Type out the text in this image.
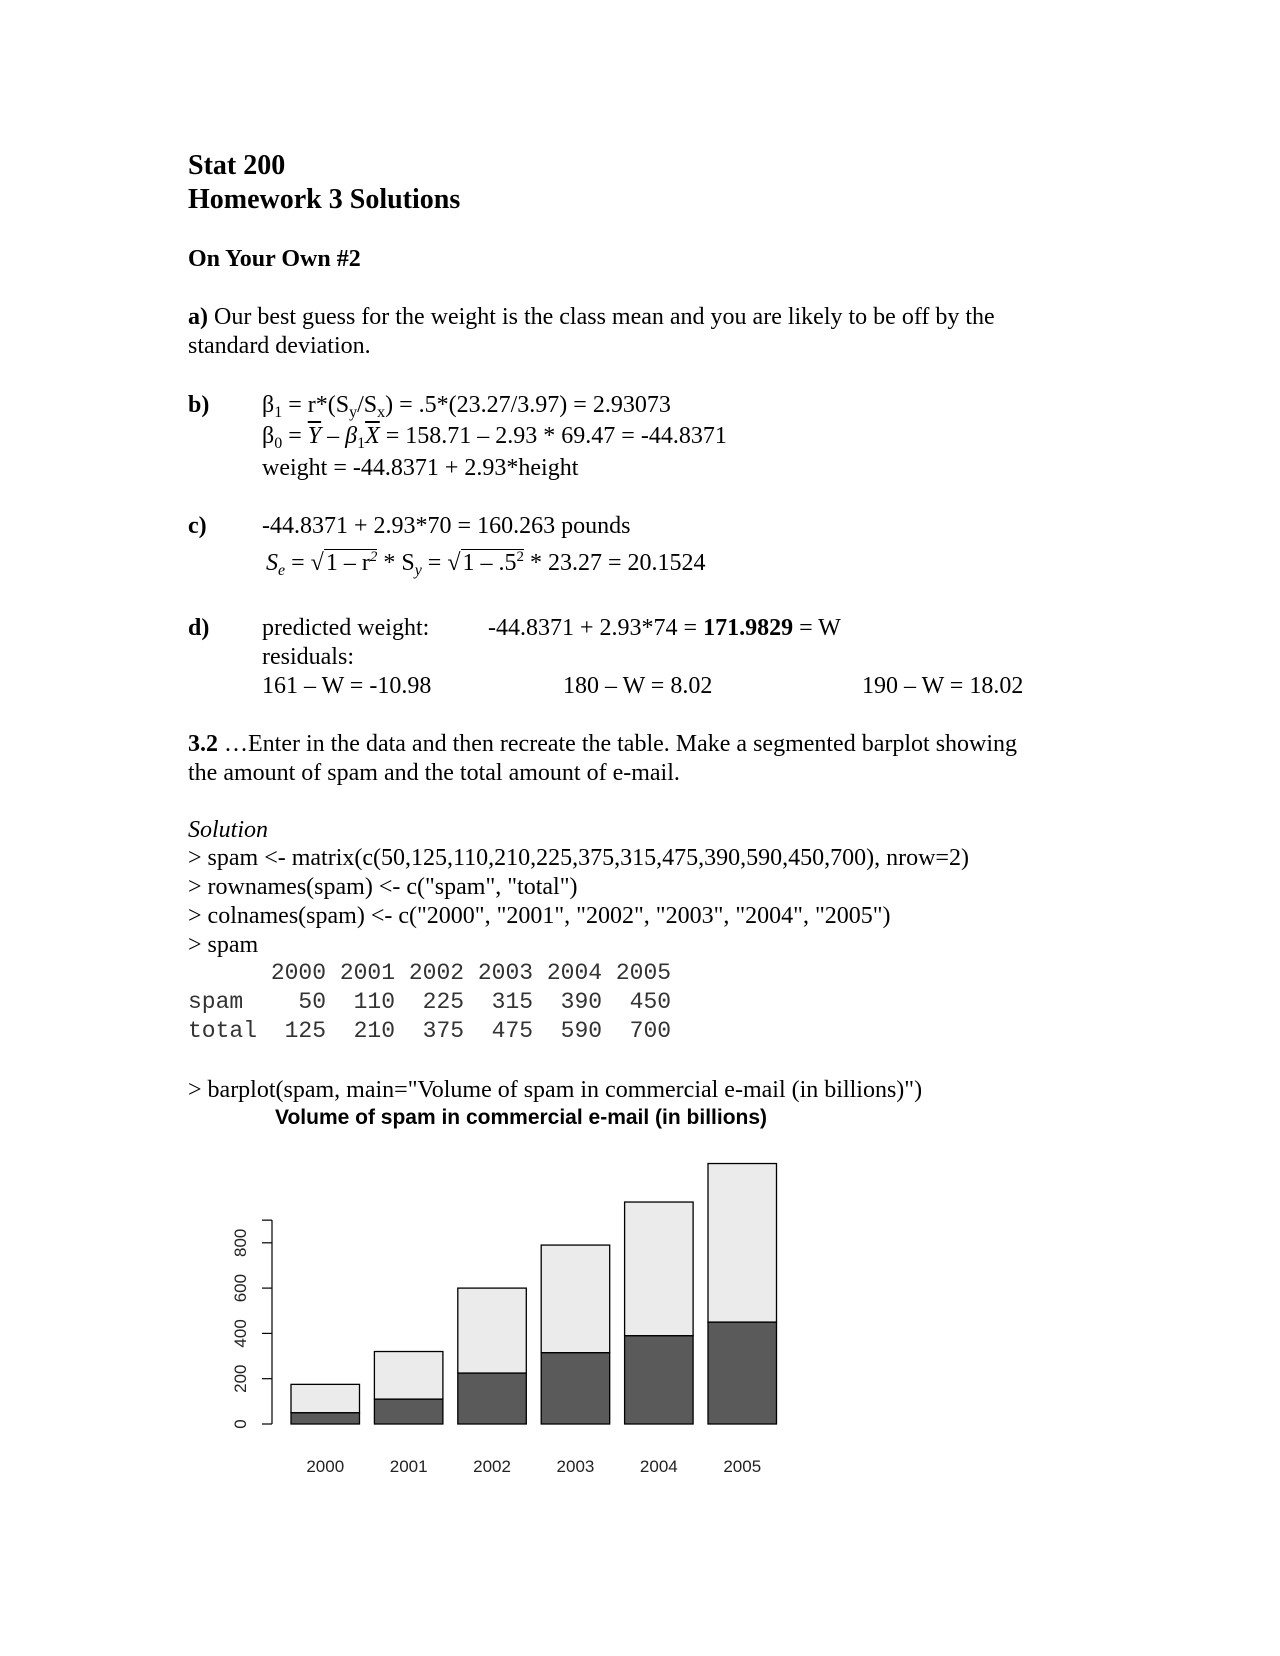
Stat 200
Homework 3 Solutions
On Your Own #2
a) Our best guess for the weight is the class mean and you are likely to be off by the
standard deviation.
b) $\beta_1 = r*(S_y/S_x) = .5*(23.27/3.97) = 2.93073$
$\beta_0 = \overline{Y} - \beta_1\overline{X} = 158.71 - 2.93 * 69.47 = -44.8371$
weight = -44.8371 + 2.93*height
c) -44.8371 + 2.93*70 = 160.263 pounds
$S_e = √1 - r^2 * S_y = √1 - .5^2 * 23.27 = 20.1524$
d) predicted weight: -44.8371 + 2.93*74 = 171.9829 = W
residuals:
161 – W = -10.98	180 – W = 8.02	190 – W = 18.02
3.2 …Enter in the data and then recreate the table. Make a segmented barplot showing
the amount of spam and the total amount of e-mail.
Solution
> spam <- matrix(c(50,125,110,210,225,375,315,475,390,590,450,700), nrow=2)
> rownames(spam) <- c("spam", "total")
> colnames(spam) <- c("2000", "2001", "2002", "2003", "2004", "2005")
> spam
2000 2001 2002 2003 2004 2005
spam    50  110  225  315  390  450
total  125  210  375  475  590  700
> barplot(spam, main="Volume of spam in commercial e-mail (in billions)")
Volume of spam in commercial e-mail (in billions)
0
200
400
600
800
2000	2001	2002	2003	2004	2005
